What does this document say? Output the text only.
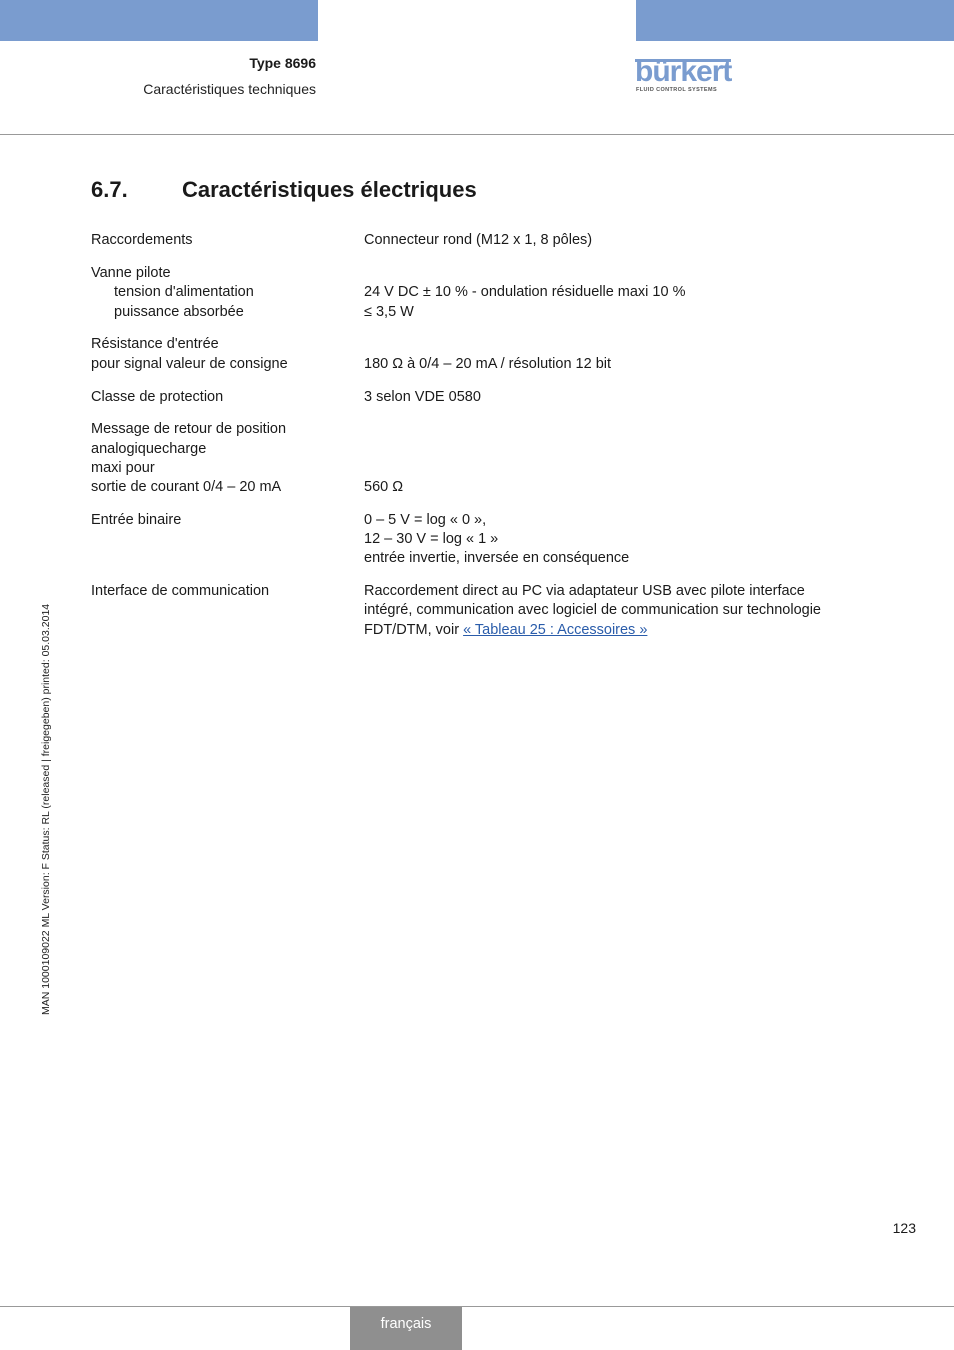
Type 8696
Caractéristiques techniques
bürkert
FLUID CONTROL SYSTEMS
6.7. Caractéristiques électriques
Raccordements	Connecteur rond (M12 x 1, 8 pôles)
Vanne pilote
tension d'alimentation	24 V DC ± 10 % - ondulation résiduelle maxi 10 %
puissance absorbée	≤ 3,5 W
Résistance d'entrée
pour signal valeur de consigne	180 Ω à 0/4 – 20 mA / résolution 12 bit
Classe de protection	3 selon VDE 0580
Message de retour de position
analogiquecharge
maxi pour
sortie de courant 0/4 – 20 mA	560 Ω
Entrée binaire	0 – 5 V = log « 0 »,
12 – 30 V = log « 1 »
entrée invertie, inversée en conséquence
Interface de communication	Raccordement direct au PC via adaptateur USB avec pilote interface
intégré, communication avec logiciel de communication sur technologie
FDT/DTM, voir « Tableau 25 : Accessoires »
MAN 1000109022 ML Version: F Status: RL (released | freigegeben) printed: 05.03.2014
123
français
